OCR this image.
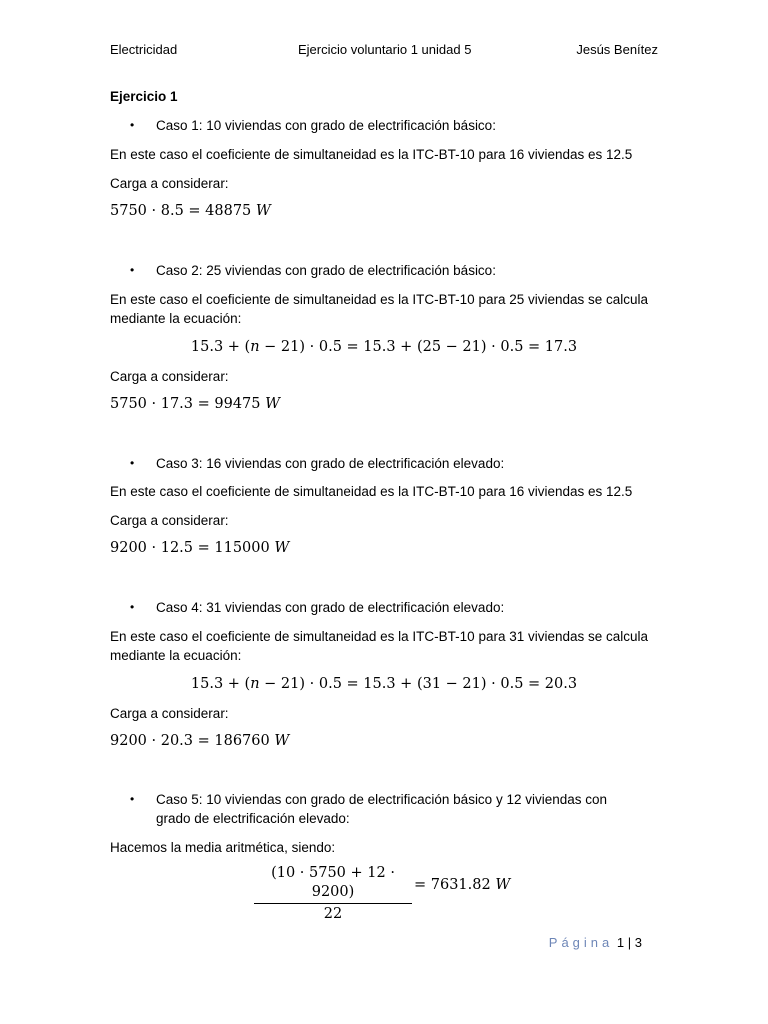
Electricidad	Ejercicio voluntario 1 unidad 5	Jesús Benítez
Ejercicio 1
• Caso 1: 10 viviendas con grado de electrificación básico:
En este caso el coeficiente de simultaneidad es la ITC-BT-10 para 16 viviendas es 12.5
Carga a considerar:
5750 · 8.5 = 48875 W
• Caso 2: 25 viviendas con grado de electrificación básico:
En este caso el coeficiente de simultaneidad es la ITC-BT-10 para 25 viviendas se calcula mediante la ecuación:
15.3 + (n − 21) · 0.5 = 15.3 + (25 − 21) · 0.5 = 17.3
Carga a considerar:
5750 · 17.3 = 99475 W
• Caso 3: 16 viviendas con grado de electrificación elevado:
En este caso el coeficiente de simultaneidad es la ITC-BT-10 para 16 viviendas es 12.5
Carga a considerar:
9200 · 12.5 = 115000 W
• Caso 4: 31 viviendas con grado de electrificación elevado:
En este caso el coeficiente de simultaneidad es la ITC-BT-10 para 31 viviendas se calcula mediante la ecuación:
15.3 + (n − 21) · 0.5 = 15.3 + (31 − 21) · 0.5 = 20.3
Carga a considerar:
9200 · 20.3 = 186760 W
• Caso 5: 10 viviendas con grado de electrificación básico y 12 viviendas con grado de electrificación elevado:
Hacemos la media aritmética, siendo:
(10 · 5750 + 12 · 9200)
22
= 7631.82 W
Página 1 | 3
